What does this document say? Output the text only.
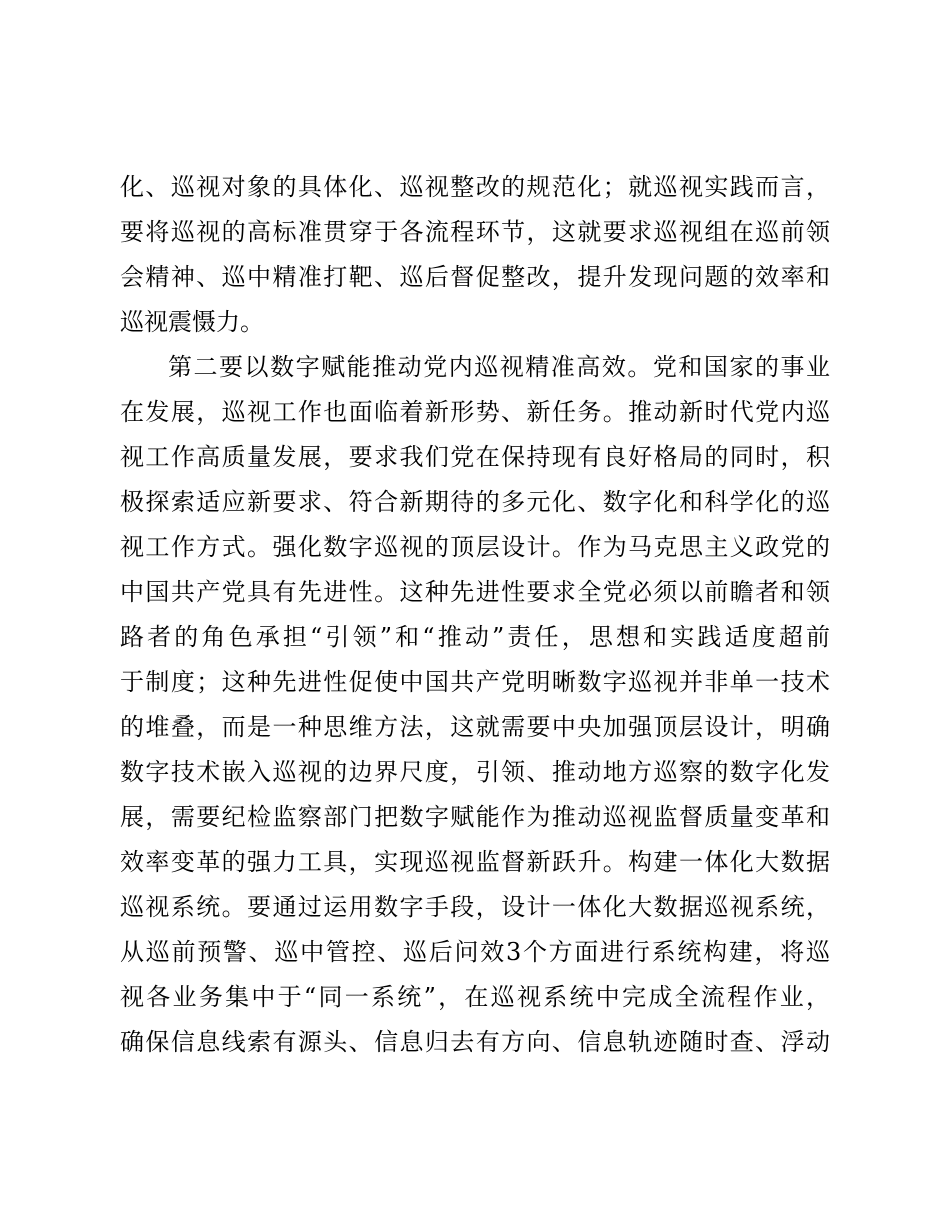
化、巡视对象的具体化、巡视整改的规范化；就巡视实践而言，
要将巡视的高标准贯穿于各流程环节，这就要求巡视组在巡前领
会精神、巡中精准打靶、巡后督促整改，提升发现问题的效率和
巡视震慑力。
第二要以数字赋能推动党内巡视精准高效。党和国家的事业
在发展，巡视工作也面临着新形势、新任务。推动新时代党内巡
视工作高质量发展，要求我们党在保持现有良好格局的同时，积
极探索适应新要求、符合新期待的多元化、数字化和科学化的巡
视工作方式。强化数字巡视的顶层设计。作为马克思主义政党的
中国共产党具有先进性。这种先进性要求全党必须以前瞻者和领
路者的角色承担“引领”和“推动”责任，思想和实践适度超前
于制度；这种先进性促使中国共产党明晰数字巡视并非单一技术
的堆叠，而是一种思维方法，这就需要中央加强顶层设计，明确
数字技术嵌入巡视的边界尺度，引领、推动地方巡察的数字化发
展，需要纪检监察部门把数字赋能作为推动巡视监督质量变革和
效率变革的强力工具，实现巡视监督新跃升。构建一体化大数据
巡视系统。要通过运用数字手段，设计一体化大数据巡视系统，
从巡前预警、巡中管控、巡后问效3个方面进行系统构建，将巡
视各业务集中于“同一系统”，在巡视系统中完成全流程作业，
确保信息线索有源头、信息归去有方向、信息轨迹随时查、浮动
